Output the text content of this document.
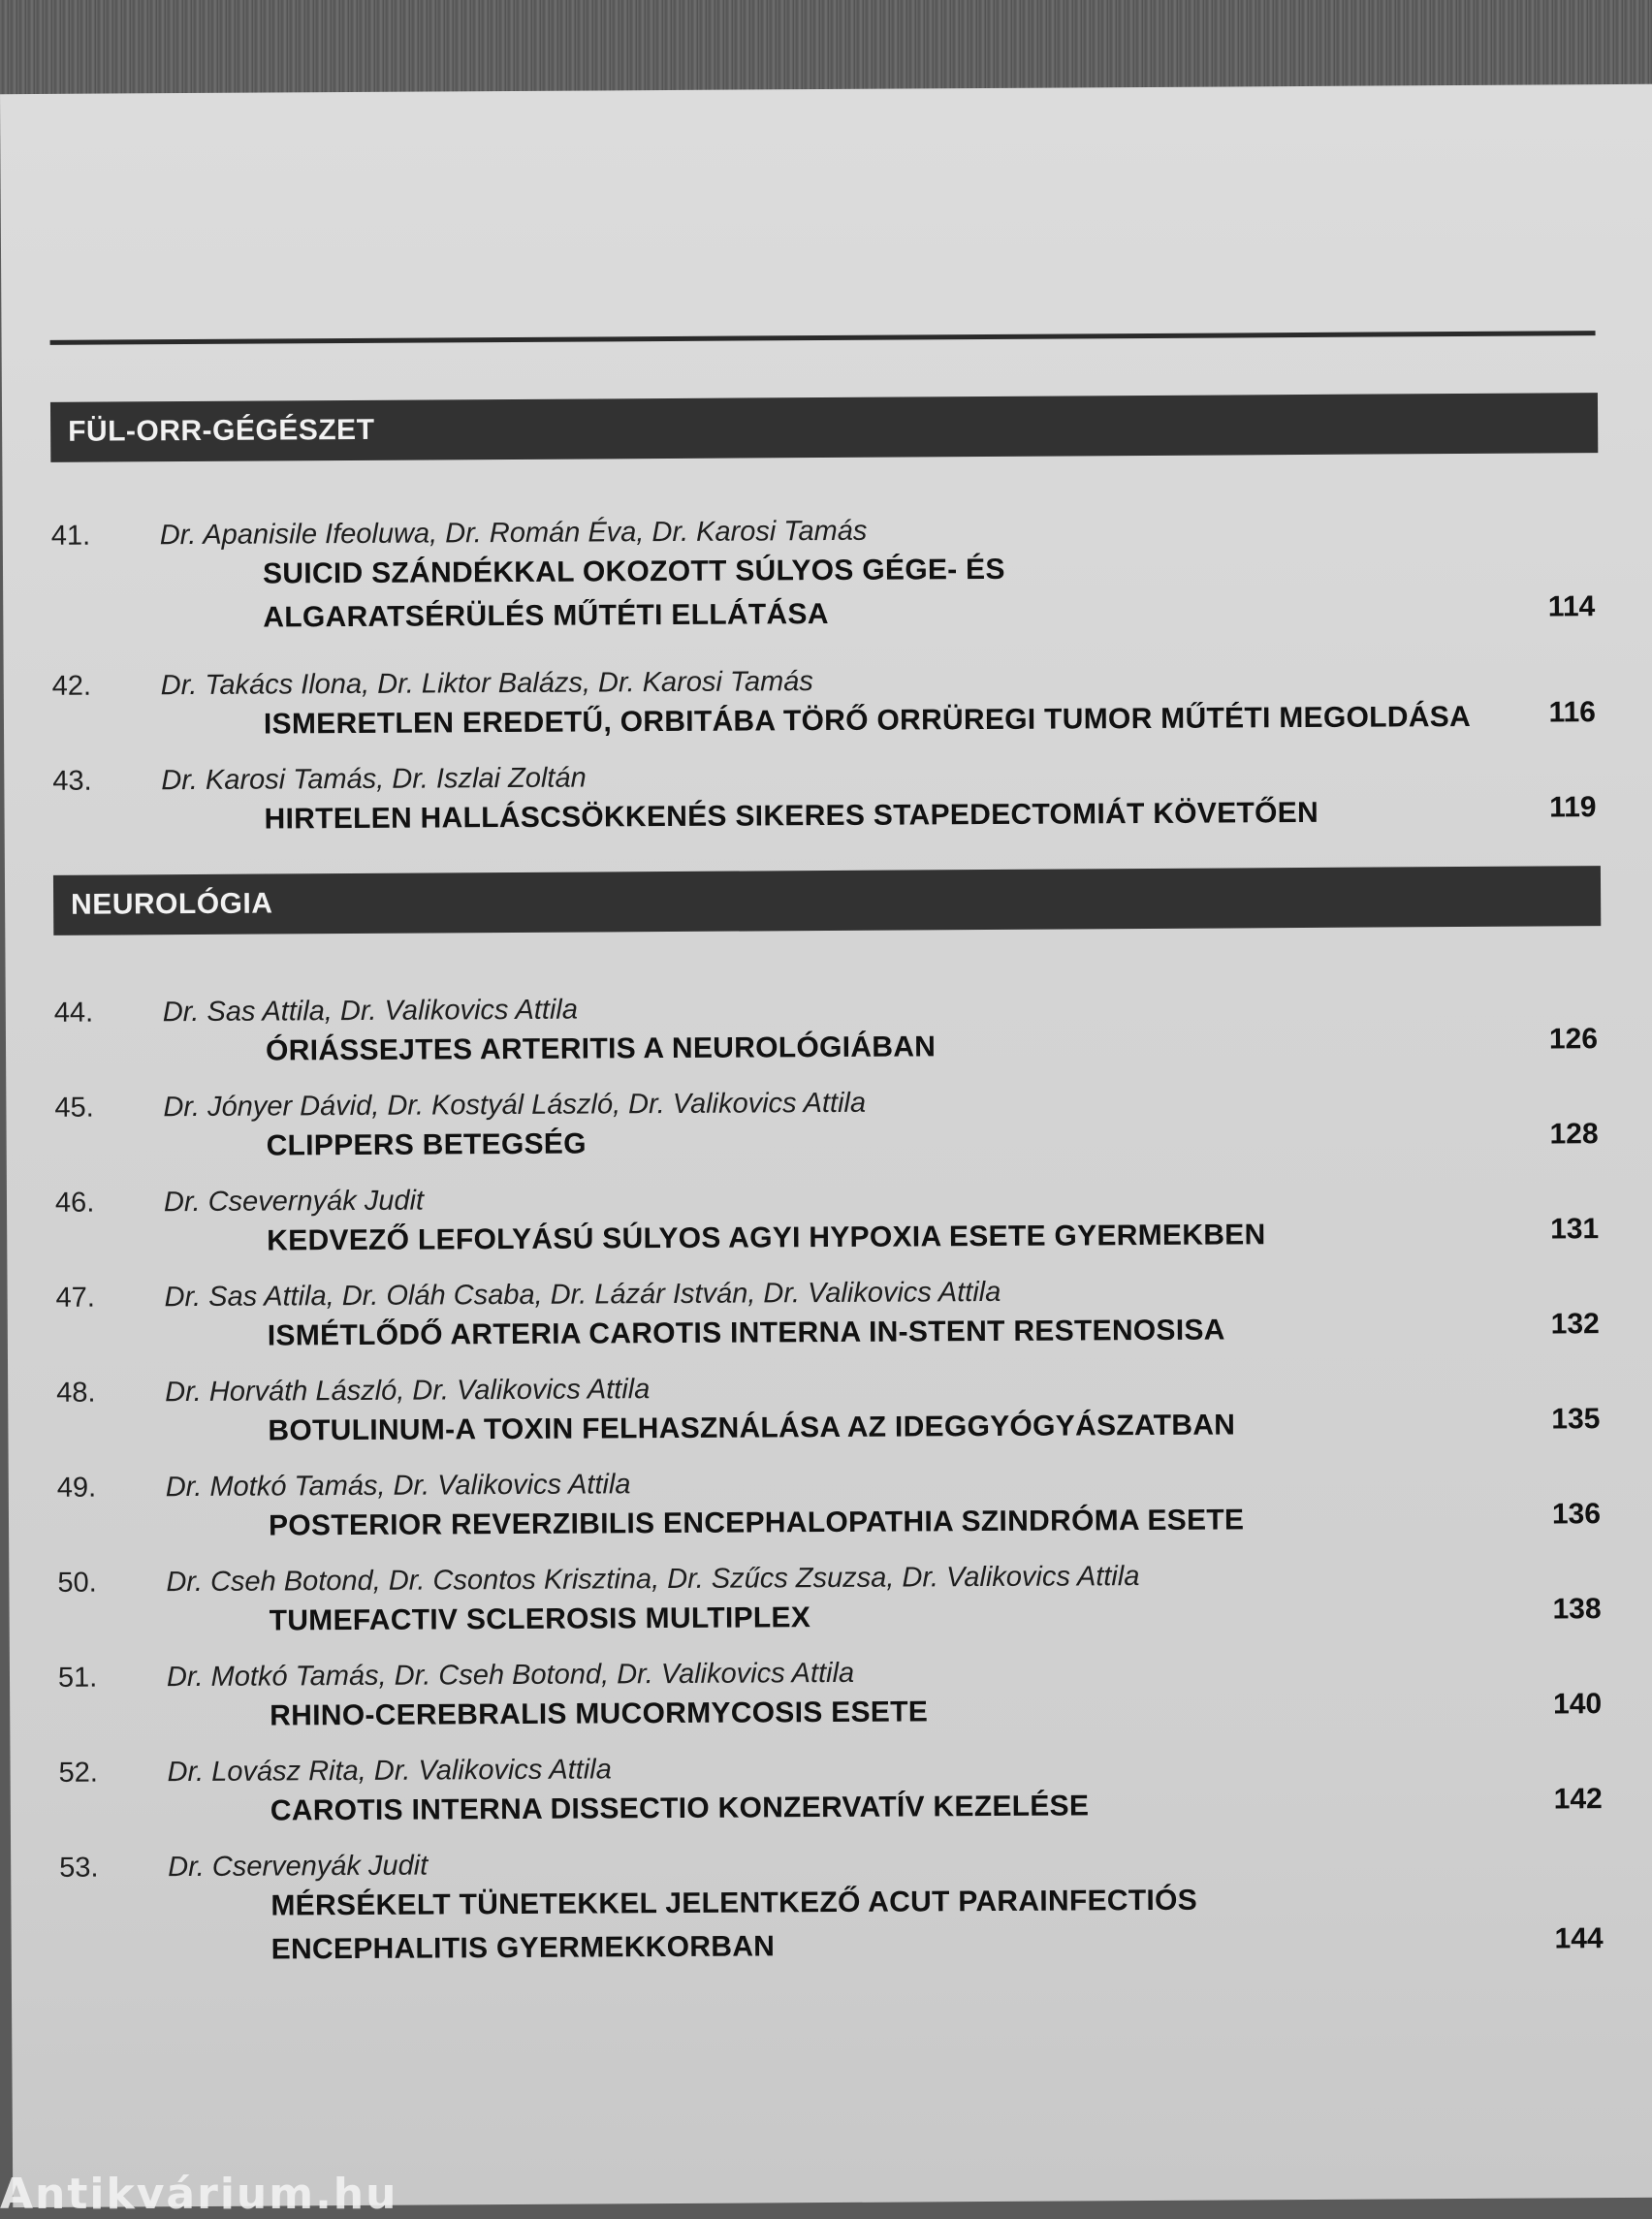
FÜL-ORR-GÉGÉSZET
41. Dr. Apanisile Ifeoluwa, Dr. Román Éva, Dr. Karosi Tamás
SUICID SZÁNDÉKKAL OKOZOTT SÚLYOS GÉGE- ÉS
ALGARATSÉRÜLÉS MŰTÉTI ELLÁTÁSA	114
42. Dr. Takács Ilona, Dr. Liktor Balázs, Dr. Karosi Tamás
ISMERETLEN EREDETŰ, ORBITÁBA TÖRŐ ORRÜREGI TUMOR MŰTÉTI MEGOLDÁSA	116
43. Dr. Karosi Tamás, Dr. Iszlai Zoltán
HIRTELEN HALLÁSCSÖKKENÉS SIKERES STAPEDECTOMIÁT KÖVETŐEN	119
NEUROLÓGIA
44. Dr. Sas Attila, Dr. Valikovics Attila
ÓRIÁSSEJTES ARTERITIS A NEUROLÓGIÁBAN	126
45. Dr. Jónyer Dávid, Dr. Kostyál László, Dr. Valikovics Attila
CLIPPERS BETEGSÉG	128
46. Dr. Csevernyák Judit
KEDVEZŐ LEFOLYÁSÚ SÚLYOS AGYI HYPOXIA ESETE GYERMEKBEN	131
47. Dr. Sas Attila, Dr. Oláh Csaba, Dr. Lázár István, Dr. Valikovics Attila
ISMÉTLŐDŐ ARTERIA CAROTIS INTERNA IN-STENT RESTENOSISA	132
48. Dr. Horváth László, Dr. Valikovics Attila
BOTULINUM-A TOXIN FELHASZNÁLÁSA AZ IDEGGYÓGYÁSZATBAN	135
49. Dr. Motkó Tamás, Dr. Valikovics Attila
POSTERIOR REVERZIBILIS ENCEPHALOPATHIA SZINDRÓMA ESETE	136
50. Dr. Cseh Botond, Dr. Csontos Krisztina, Dr. Szűcs Zsuzsa, Dr. Valikovics Attila
TUMEFACTIV SCLEROSIS MULTIPLEX	138
51. Dr. Motkó Tamás, Dr. Cseh Botond, Dr. Valikovics Attila
RHINO-CEREBRALIS MUCORMYCOSIS ESETE	140
52. Dr. Lovász Rita, Dr. Valikovics Attila
CAROTIS INTERNA DISSECTIO KONZERVATÍV KEZELÉSE	142
53. Dr. Cservenyák Judit
MÉRSÉKELT TÜNETEKKEL JELENTKEZŐ ACUT PARAINFECTIÓS
ENCEPHALITIS GYERMEKKORBAN	144
Antikvárium.hu
